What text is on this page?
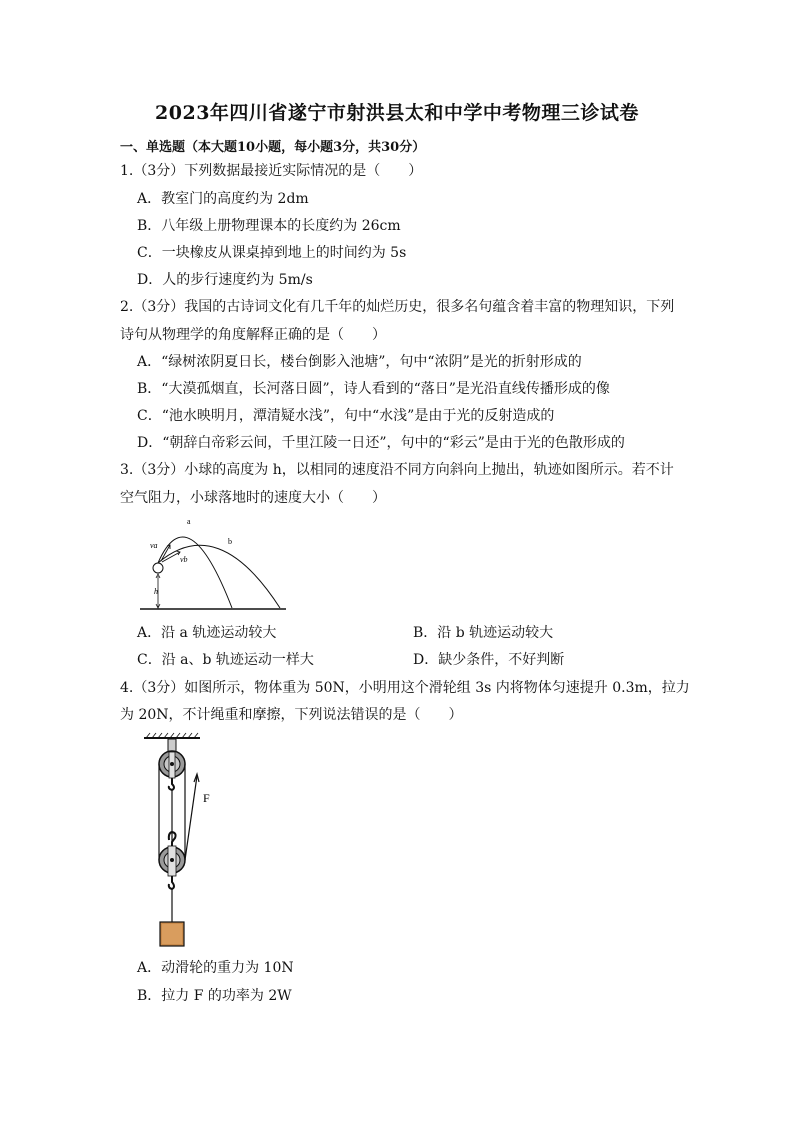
2023年四川省遂宁市射洪县太和中学中考物理三诊试卷
一、单选题（本大题10小题，每小题3分，共30分）
1.（3分）下列数据最接近实际情况的是（　　）
A．教室门的高度约为 2dm
B．八年级上册物理课本的长度约为 26cm
C．一块橡皮从课桌掉到地上的时间约为 5s
D．人的步行速度约为 5m/s
2.（3分）我国的古诗词文化有几千年的灿烂历史，很多名句蕴含着丰富的物理知识，下列
诗句从物理学的角度解释正确的是（　　）
A．“绿树浓阴夏日长，楼台倒影入池塘”，句中“浓阴”是光的折射形成的
B．“大漠孤烟直，长河落日圆”，诗人看到的“落日”是光沿直线传播形成的像
C．“池水映明月，潭清疑水浅”，句中“水浅”是由于光的反射造成的
D．“朝辞白帝彩云间，千里江陵一日还”，句中的“彩云”是由于光的色散形成的
3.（3分）小球的高度为 h，以相同的速度沿不同方向斜向上抛出，轨迹如图所示。若不计
空气阻力，小球落地时的速度大小（　　）
h
va
vb
a
b
A．沿 a 轨迹运动较大	B．沿 b 轨迹运动较大
C．沿 a、b 轨迹运动一样大	D．缺少条件，不好判断
4.（3分）如图所示，物体重为 50N，小明用这个滑轮组 3s 内将物体匀速提升 0.3m，拉力
为 20N，不计绳重和摩擦，下列说法错误的是（　　）
F
A．动滑轮的重力为 10N
B．拉力 F 的功率为 2W
